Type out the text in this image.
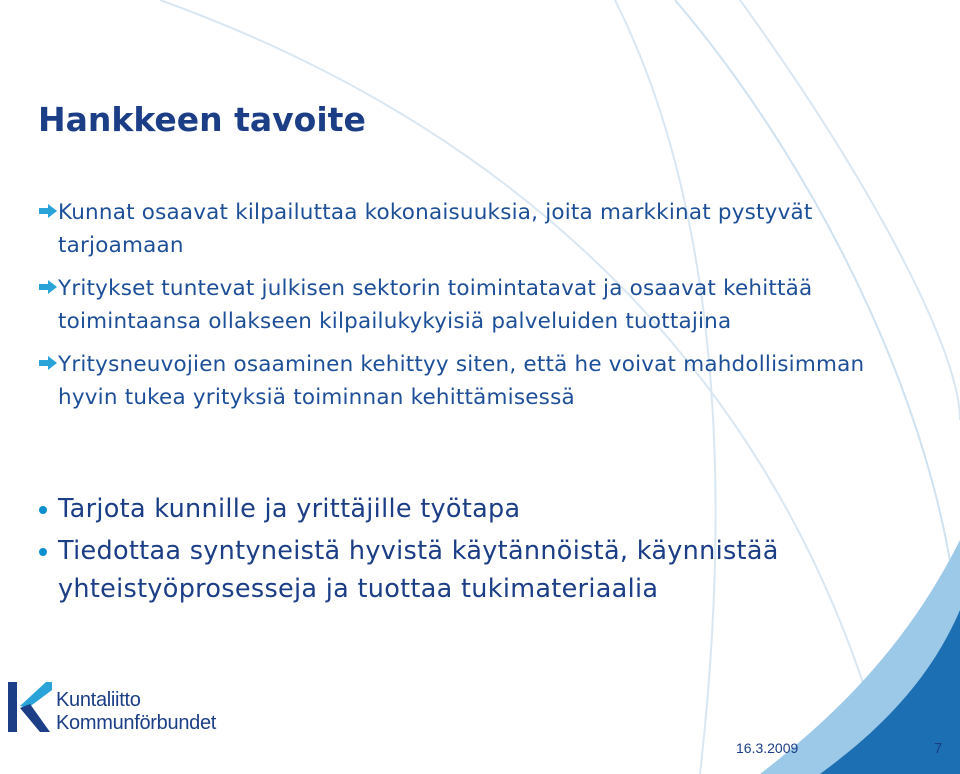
Hankkeen tavoite
Kunnat osaavat kilpailuttaa kokonaisuuksia, joita markkinat pystyvät tarjoamaan
Yritykset tuntevat julkisen sektorin toimintatavat ja osaavat kehittää toimintaansa ollakseen kilpailukykyisiä palveluiden tuottajina
Yritysneuvojien osaaminen kehittyy siten, että he voivat mahdollisimman hyvin tukea yrityksiä toiminnan kehittämisessä
Tarjota kunnille ja yrittäjille työtapa
Tiedottaa syntyneistä hyvistä käytännöistä, käynnistää yhteistyöprosesseja ja tuottaa tukimateriaalia
Kuntaliitto
Kommunförbundet
16.3.2009	7
